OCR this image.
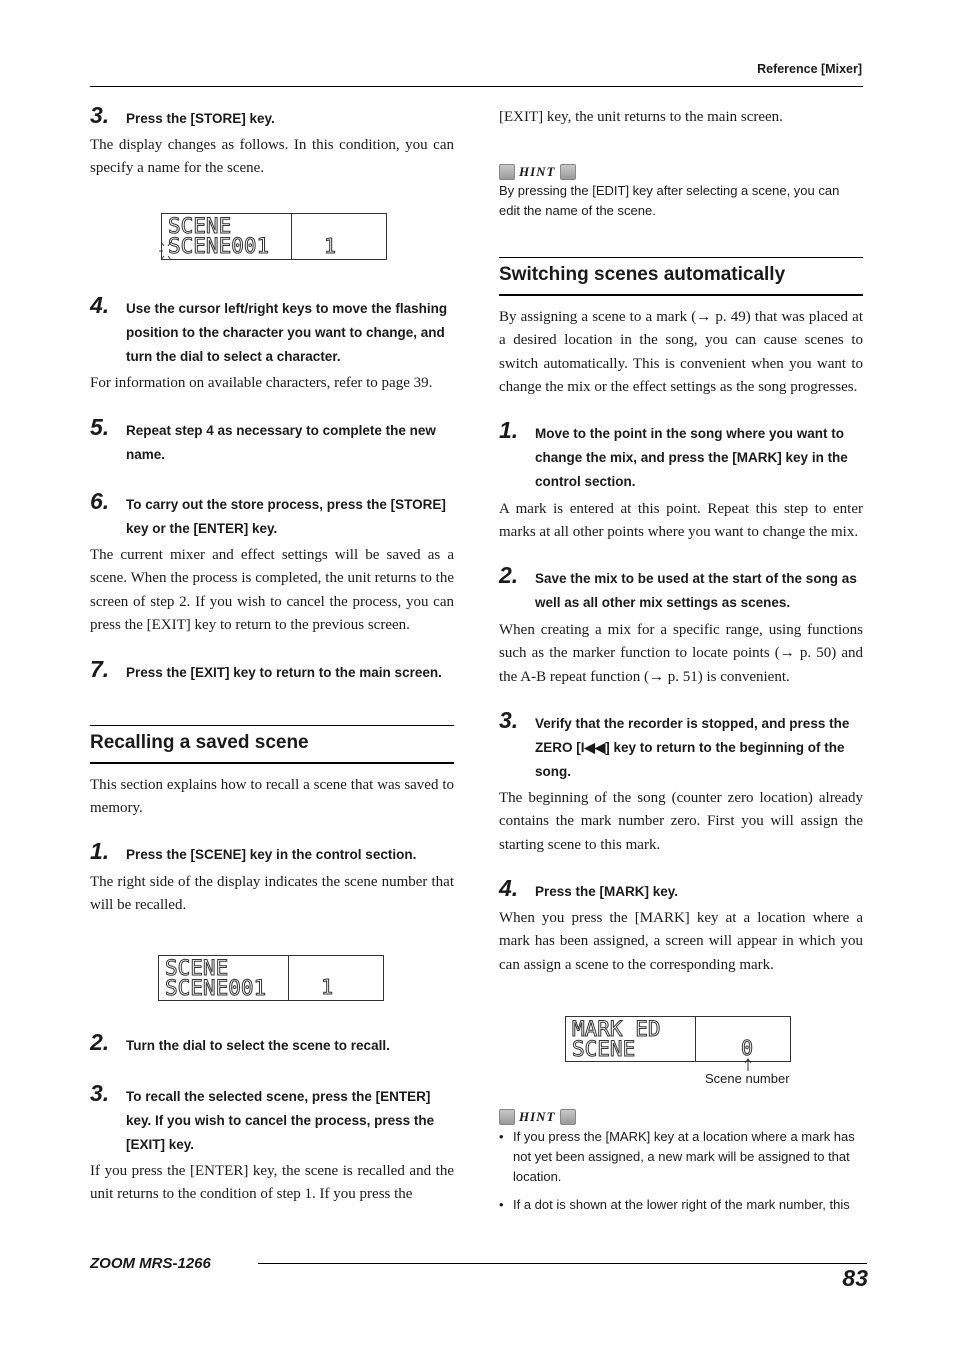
Reference [Mixer]
3. Press the [STORE] key.
The display changes as follows. In this condition, you can specify a name for the scene.
SCENE
SCENE001	1
4. Use the cursor left/right keys to move the flashing position to the character you want to change, and turn the dial to select a character.
For information on available characters, refer to page 39.
5. Repeat step 4 as necessary to complete the new name.
6. To carry out the store process, press the [STORE] key or the [ENTER] key.
The current mixer and effect settings will be saved as a scene. When the process is completed, the unit returns to the screen of step 2. If you wish to cancel the process, you can press the [EXIT] key to return to the previous screen.
7. Press the [EXIT] key to return to the main screen.
Recalling a saved scene
This section explains how to recall a scene that was saved to memory.
1. Press the [SCENE] key in the control section.
The right side of the display indicates the scene number that will be recalled.
SCENE
SCENE001	1
2. Turn the dial to select the scene to recall.
3. To recall the selected scene, press the [ENTER] key. If you wish to cancel the process, press the [EXIT] key.
If you press the [ENTER] key, the scene is recalled and the unit returns to the condition of step 1. If you press the
[EXIT] key, the unit returns to the main screen.
HINT
By pressing the [EDIT] key after selecting a scene, you can edit the name of the scene.
Switching scenes automatically
By assigning a scene to a mark (→ p. 49) that was placed at a desired location in the song, you can cause scenes to switch automatically. This is convenient when you want to change the mix or the effect settings as the song progresses.
1. Move to the point in the song where you want to change the mix, and press the [MARK] key in the control section.
A mark is entered at this point. Repeat this step to enter marks at all other points where you want to change the mix.
2. Save the mix to be used at the start of the song as well as all other mix settings as scenes.
When creating a mix for a specific range, using functions such as the marker function to locate points (→ p. 50) and the A-B repeat function (→ p. 51) is convenient.
3. Verify that the recorder is stopped, and press the ZERO [I◀◀] key to return to the beginning of the song.
The beginning of the song (counter zero location) already contains the mark number zero. First you will assign the starting scene to this mark.
4. Press the [MARK] key.
When you press the [MARK] key at a location where a mark has been assigned, a screen will appear in which you can assign a scene to the corresponding mark.
MARK ED
SCENE	0
Scene number
HINT
• If you press the [MARK] key at a location where a mark has not yet been assigned, a new mark will be assigned to that location.
• If a dot is shown at the lower right of the mark number, this
ZOOM MRS-1266
83
